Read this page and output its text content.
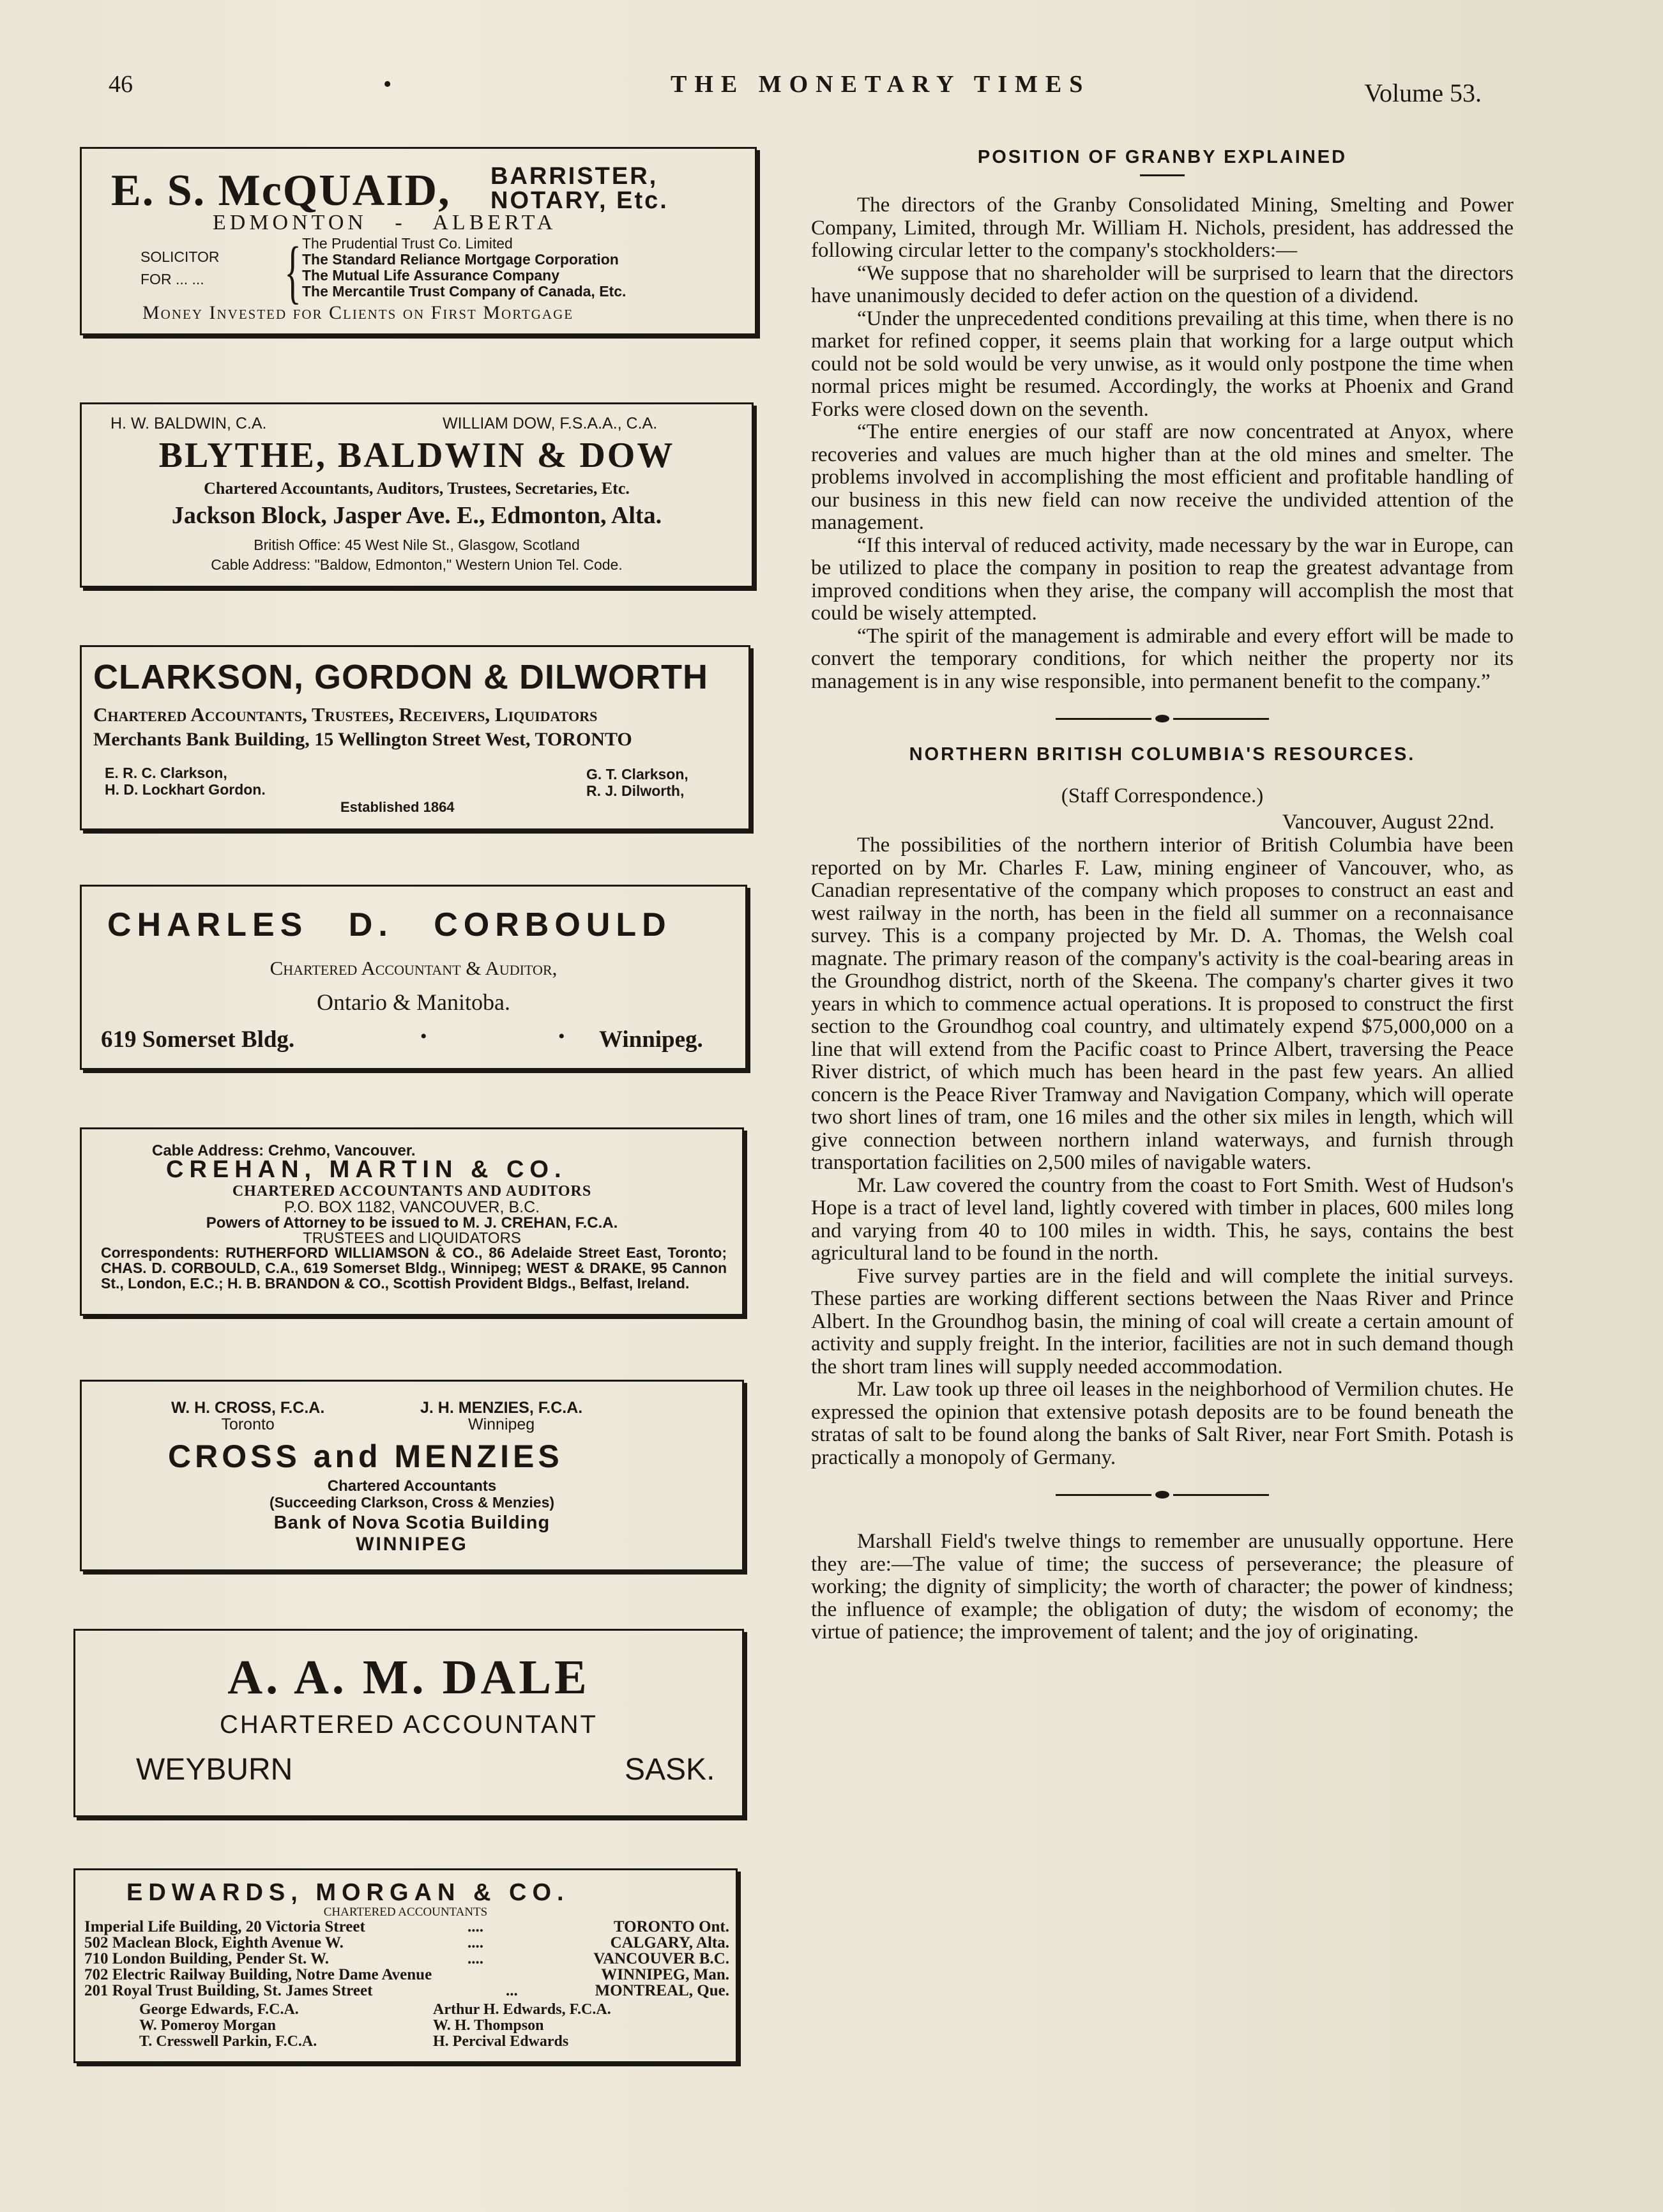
46	•	THE MONETARY TIMES	Volume 53.
E. S. McQUAID, BARRISTER,
NOTARY, Etc.
EDMONTON   -   ALBERTA
SOLICITOR
FOR ... ... { The Prudential Trust Co. Limited
The Standard Reliance Mortgage Corporation
The Mutual Life Assurance Company
The Mercantile Trust Company of Canada, Etc.
Money Invested for Clients on First Mortgage
H. W. BALDWIN, C.A.	WILLIAM DOW, F.S.A.A., C.A.
BLYTHE, BALDWIN & DOW
Chartered Accountants, Auditors, Trustees, Secretaries, Etc.
Jackson Block, Jasper Ave. E., Edmonton, Alta.
British Office: 45 West Nile St., Glasgow, Scotland
Cable Address: "Baldow, Edmonton," Western Union Tel. Code.
CLARKSON, GORDON & DILWORTH
Chartered Accountants, Trustees, Receivers, Liquidators
Merchants Bank Building, 15 Wellington Street West, TORONTO
E. R. C. Clarkson,
H. D. Lockhart Gordon.
G. T. Clarkson,
R. J. Dilworth,
Established 1864
CHARLES D. CORBOULD
Chartered Accountant & Auditor,
Ontario & Manitoba.
619 Somerset Bldg.	•     • Winnipeg.
Cable Address: Crehmo, Vancouver.
CREHAN, MARTIN & CO.
CHARTERED ACCOUNTANTS AND AUDITORS
P.O. BOX 1182, VANCOUVER, B.C.
Powers of Attorney to be issued to M. J. CREHAN, F.C.A.
TRUSTEES and LIQUIDATORS
Correspondents: RUTHERFORD WILLIAMSON & CO., 86 Adelaide Street East, Toronto; CHAS. D. CORBOULD, C.A., 619 Somerset Bldg., Winnipeg; WEST & DRAKE, 95 Cannon St., London, E.C.; H. B. BRANDON & CO., Scottish Provident Bldgs., Belfast, Ireland.
W. H. CROSS, F.C.A.
Toronto
J. H. MENZIES, F.C.A.
Winnipeg
CROSS and MENZIES
Chartered Accountants
(Succeeding Clarkson, Cross & Menzies)
Bank of Nova Scotia Building
WINNIPEG
A. A. M. DALE
CHARTERED ACCOUNTANT
WEYBURN	SASK.
EDWARDS, MORGAN & CO.
CHARTERED ACCOUNTANTS
Imperial Life Building, 20 Victoria Street	....	TORONTO Ont.
502 Maclean Block, Eighth Avenue W.	....	CALGARY, Alta.
710 London Building, Pender St. W.	....	VANCOUVER B.C.
702 Electric Railway Building, Notre Dame Avenue	WINNIPEG, Man.
201 Royal Trust Building, St. James Street	...	MONTREAL, Que.
George Edwards, F.C.A.
W. Pomeroy Morgan
T. Cresswell Parkin, F.C.A.
Arthur H. Edwards, F.C.A.
W. H. Thompson
H. Percival Edwards
POSITION OF GRANBY EXPLAINED

The directors of the Granby Consolidated Mining, Smelting and Power Company, Limited, through Mr. William H. Nichols, president, has addressed the following circular letter to the company's stockholders:—

“We suppose that no shareholder will be surprised to learn that the directors have unanimously decided to defer action on the question of a dividend.

“Under the unprecedented conditions prevailing at this time, when there is no market for refined copper, it seems plain that working for a large output which could not be sold would be very unwise, as it would only postpone the time when normal prices might be resumed. Accordingly, the works at Phoenix and Grand Forks were closed down on the seventh.

“The entire energies of our staff are now concentrated at Anyox, where recoveries and values are much higher than at the old mines and smelter. The problems involved in accomplishing the most efficient and profitable handling of our business in this new field can now receive the undivided attention of the management.

“If this interval of reduced activity, made necessary by the war in Europe, can be utilized to place the company in position to reap the greatest advantage from improved conditions when they arise, the company will accomplish the most that could be wisely attempted.

“The spirit of the management is admirable and every effort will be made to convert the temporary conditions, for which neither the property nor its management is in any wise responsible, into permanent benefit to the company.”

NORTHERN BRITISH COLUMBIA'S RESOURCES.
(Staff Correspondence.)
Vancouver, August 22nd.

The possibilities of the northern interior of British Columbia have been reported on by Mr. Charles F. Law, mining engineer of Vancouver, who, as Canadian representative of the company which proposes to construct an east and west railway in the north, has been in the field all summer on a reconnaisance survey. This is a company projected by Mr. D. A. Thomas, the Welsh coal magnate. The primary reason of the company's activity is the coal-bearing areas in the Groundhog district, north of the Skeena. The company's charter gives it two years in which to commence actual operations. It is proposed to construct the first section to the Groundhog coal country, and ultimately expend $75,000,000 on a line that will extend from the Pacific coast to Prince Albert, traversing the Peace River district, of which much has been heard in the past few years. An allied concern is the Peace River Tramway and Navigation Company, which will operate two short lines of tram, one 16 miles and the other six miles in length, which will give connection between northern inland waterways, and furnish through transportation facilities on 2,500 miles of navigable waters.

Mr. Law covered the country from the coast to Fort Smith. West of Hudson's Hope is a tract of level land, lightly covered with timber in places, 600 miles long and varying from 40 to 100 miles in width. This, he says, contains the best agricultural land to be found in the north.

Five survey parties are in the field and will complete the initial surveys. These parties are working different sections between the Naas River and Prince Albert. In the Groundhog basin, the mining of coal will create a certain amount of activity and supply freight. In the interior, facilities are not in such demand though the short tram lines will supply needed accommodation.

Mr. Law took up three oil leases in the neighborhood of Vermilion chutes. He expressed the opinion that extensive potash deposits are to be found beneath the stratas of salt to be found along the banks of Salt River, near Fort Smith. Potash is practically a monopoly of Germany.

Marshall Field's twelve things to remember are unusually opportune. Here they are:—The value of time; the success of perseverance; the pleasure of working; the dignity of simplicity; the worth of character; the power of kindness; the influence of example; the obligation of duty; the wisdom of economy; the virtue of patience; the improvement of talent; and the joy of originating.
